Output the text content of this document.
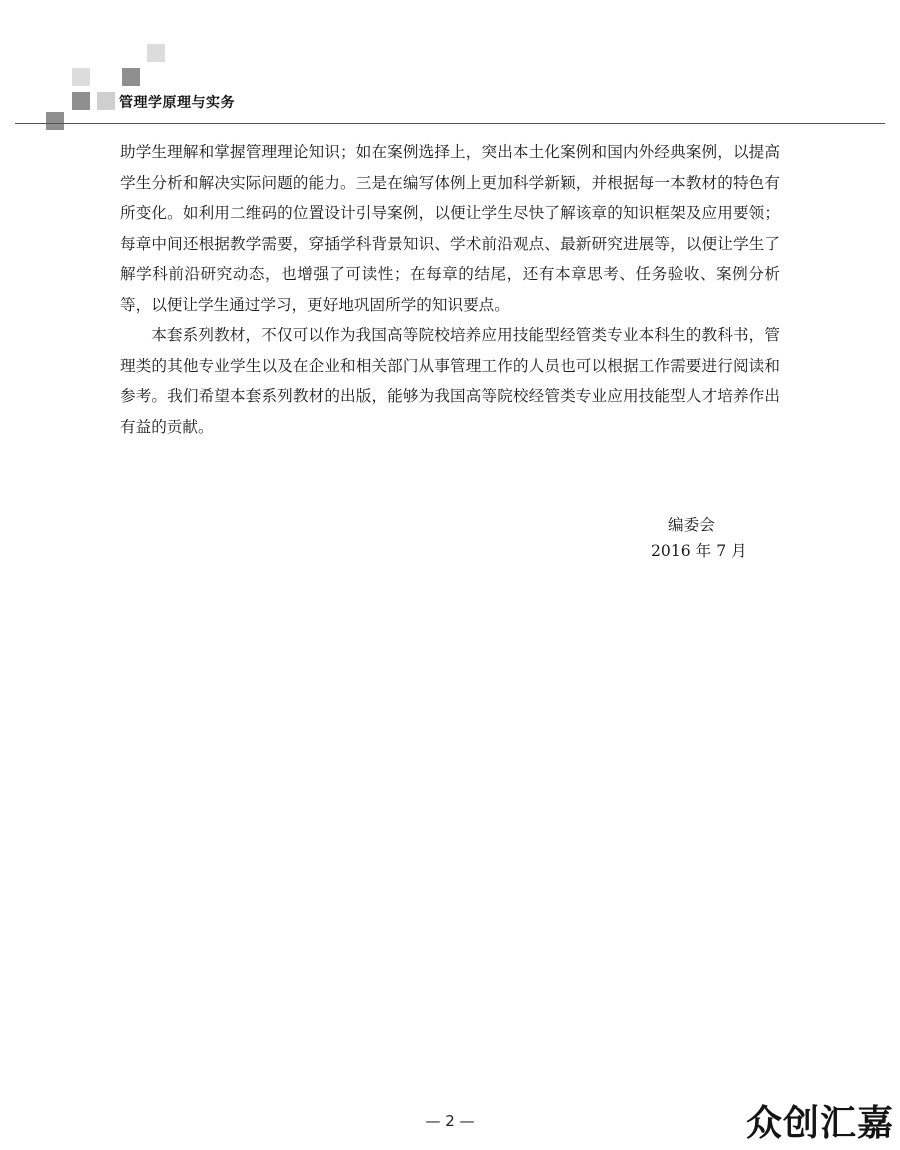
管理学原理与实务

助学生理解和掌握管理理论知识；如在案例选择上，突出本土化案例和国内外经典案例，以提高学生分析和解决实际问题的能力。三是在编写体例上更加科学新颖，并根据每一本教材的特色有所变化。如利用二维码的位置设计引导案例，以便让学生尽快了解该章的知识框架及应用要领；每章中间还根据教学需要，穿插学科背景知识、学术前沿观点、最新研究进展等，以便让学生了解学科前沿研究动态，也增强了可读性；在每章的结尾，还有本章思考、任务验收、案例分析等，以便让学生通过学习，更好地巩固所学的知识要点。

本套系列教材，不仅可以作为我国高等院校培养应用技能型经管类专业本科生的教科书，管理类的其他专业学生以及在企业和相关部门从事管理工作的人员也可以根据工作需要进行阅读和参考。我们希望本套系列教材的出版，能够为我国高等院校经管类专业应用技能型人才培养作出有益的贡献。

编委会
2016 年 7 月
— 2 —	众创汇嘉
